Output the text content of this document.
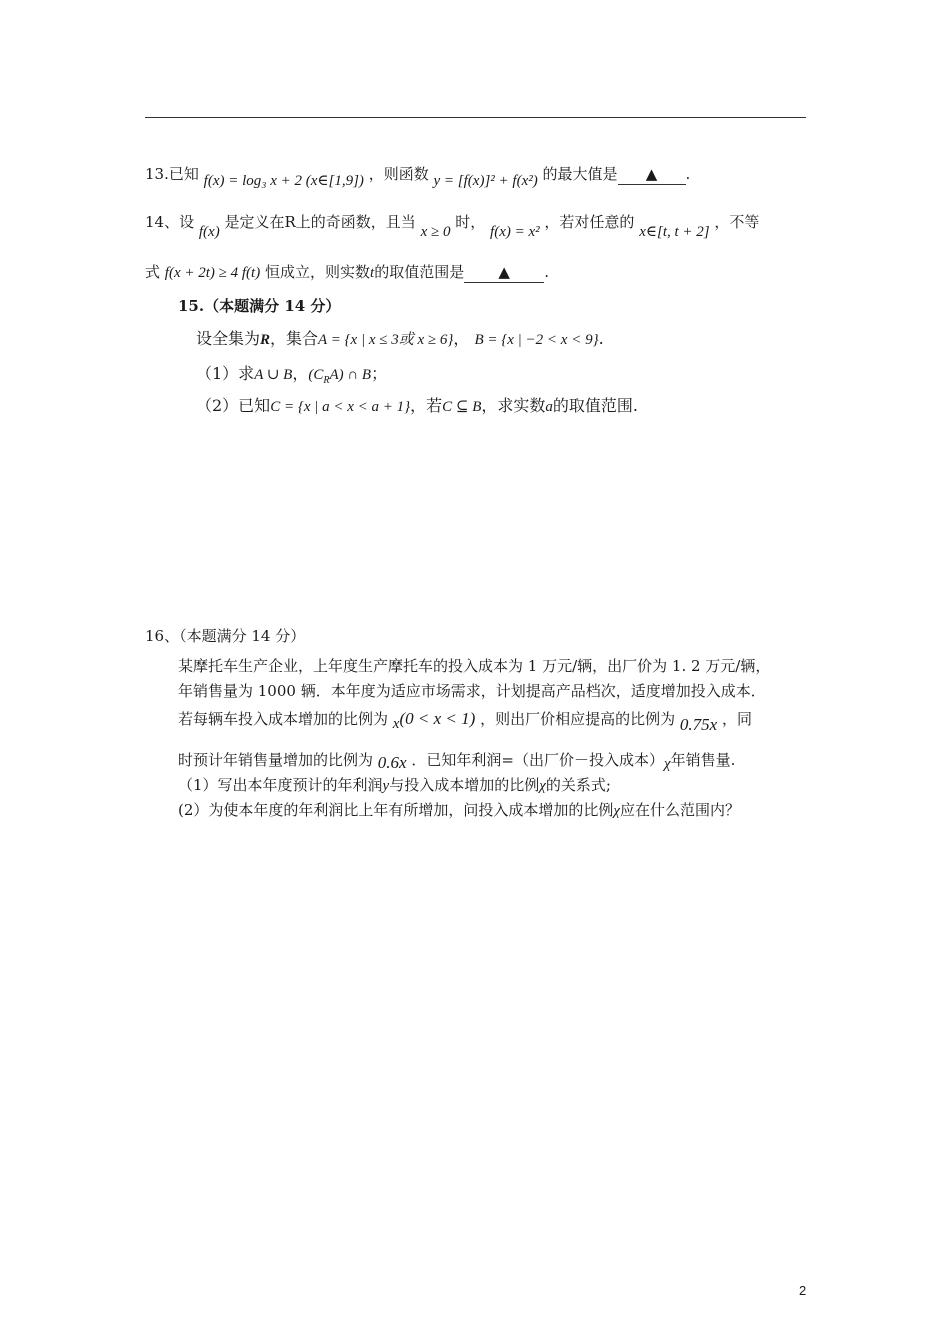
13.已知 f(x) = log₃ x + 2 (x∈[1,9]) ，则函数 y = [f(x)]² + f(x²) 的最大值是 ▲ .
14、设 f(x) 是定义在R上的奇函数，且当 x ≥ 0 时， f(x) = x² ，若对任意的 x∈[t, t + 2] ，不等
式 f(x + 2t) ≥ 4 f(t) 恒成立，则实数t的取值范围是 ▲ .
15.（本题满分 14 分）
设全集为R，集合A = {x | x ≤ 3或 x ≥ 6}， B = {x | −2 < x < 9}.
（1）求A ∪ B，$(C_RA)$ ∩ B；
（2）已知C = {x | a < x < a + 1}，若C ⊆ B，求实数a的取值范围.
16、（本题满分 14 分）
某摩托车生产企业，上年度生产摩托车的投入成本为 1 万元/辆，出厂价为 1. 2 万元/辆，
年销售量为 1000 辆．本年度为适应市场需求，计划提高产品档次，适度增加投入成本．
若每辆车投入成本增加的比例为 x(0 < x < 1) ，则出厂价相应提高的比例为 0.75x ，同
时预计年销售量增加的比例为 0.6x ．已知年利润=（出厂价－投入成本）χ年销售量.
（1）写出本年度预计的年利润y与投入成本增加的比例χ的关系式;
(2）为使本年度的年利润比上年有所增加，问投入成本增加的比例χ应在什么范围内？
2
